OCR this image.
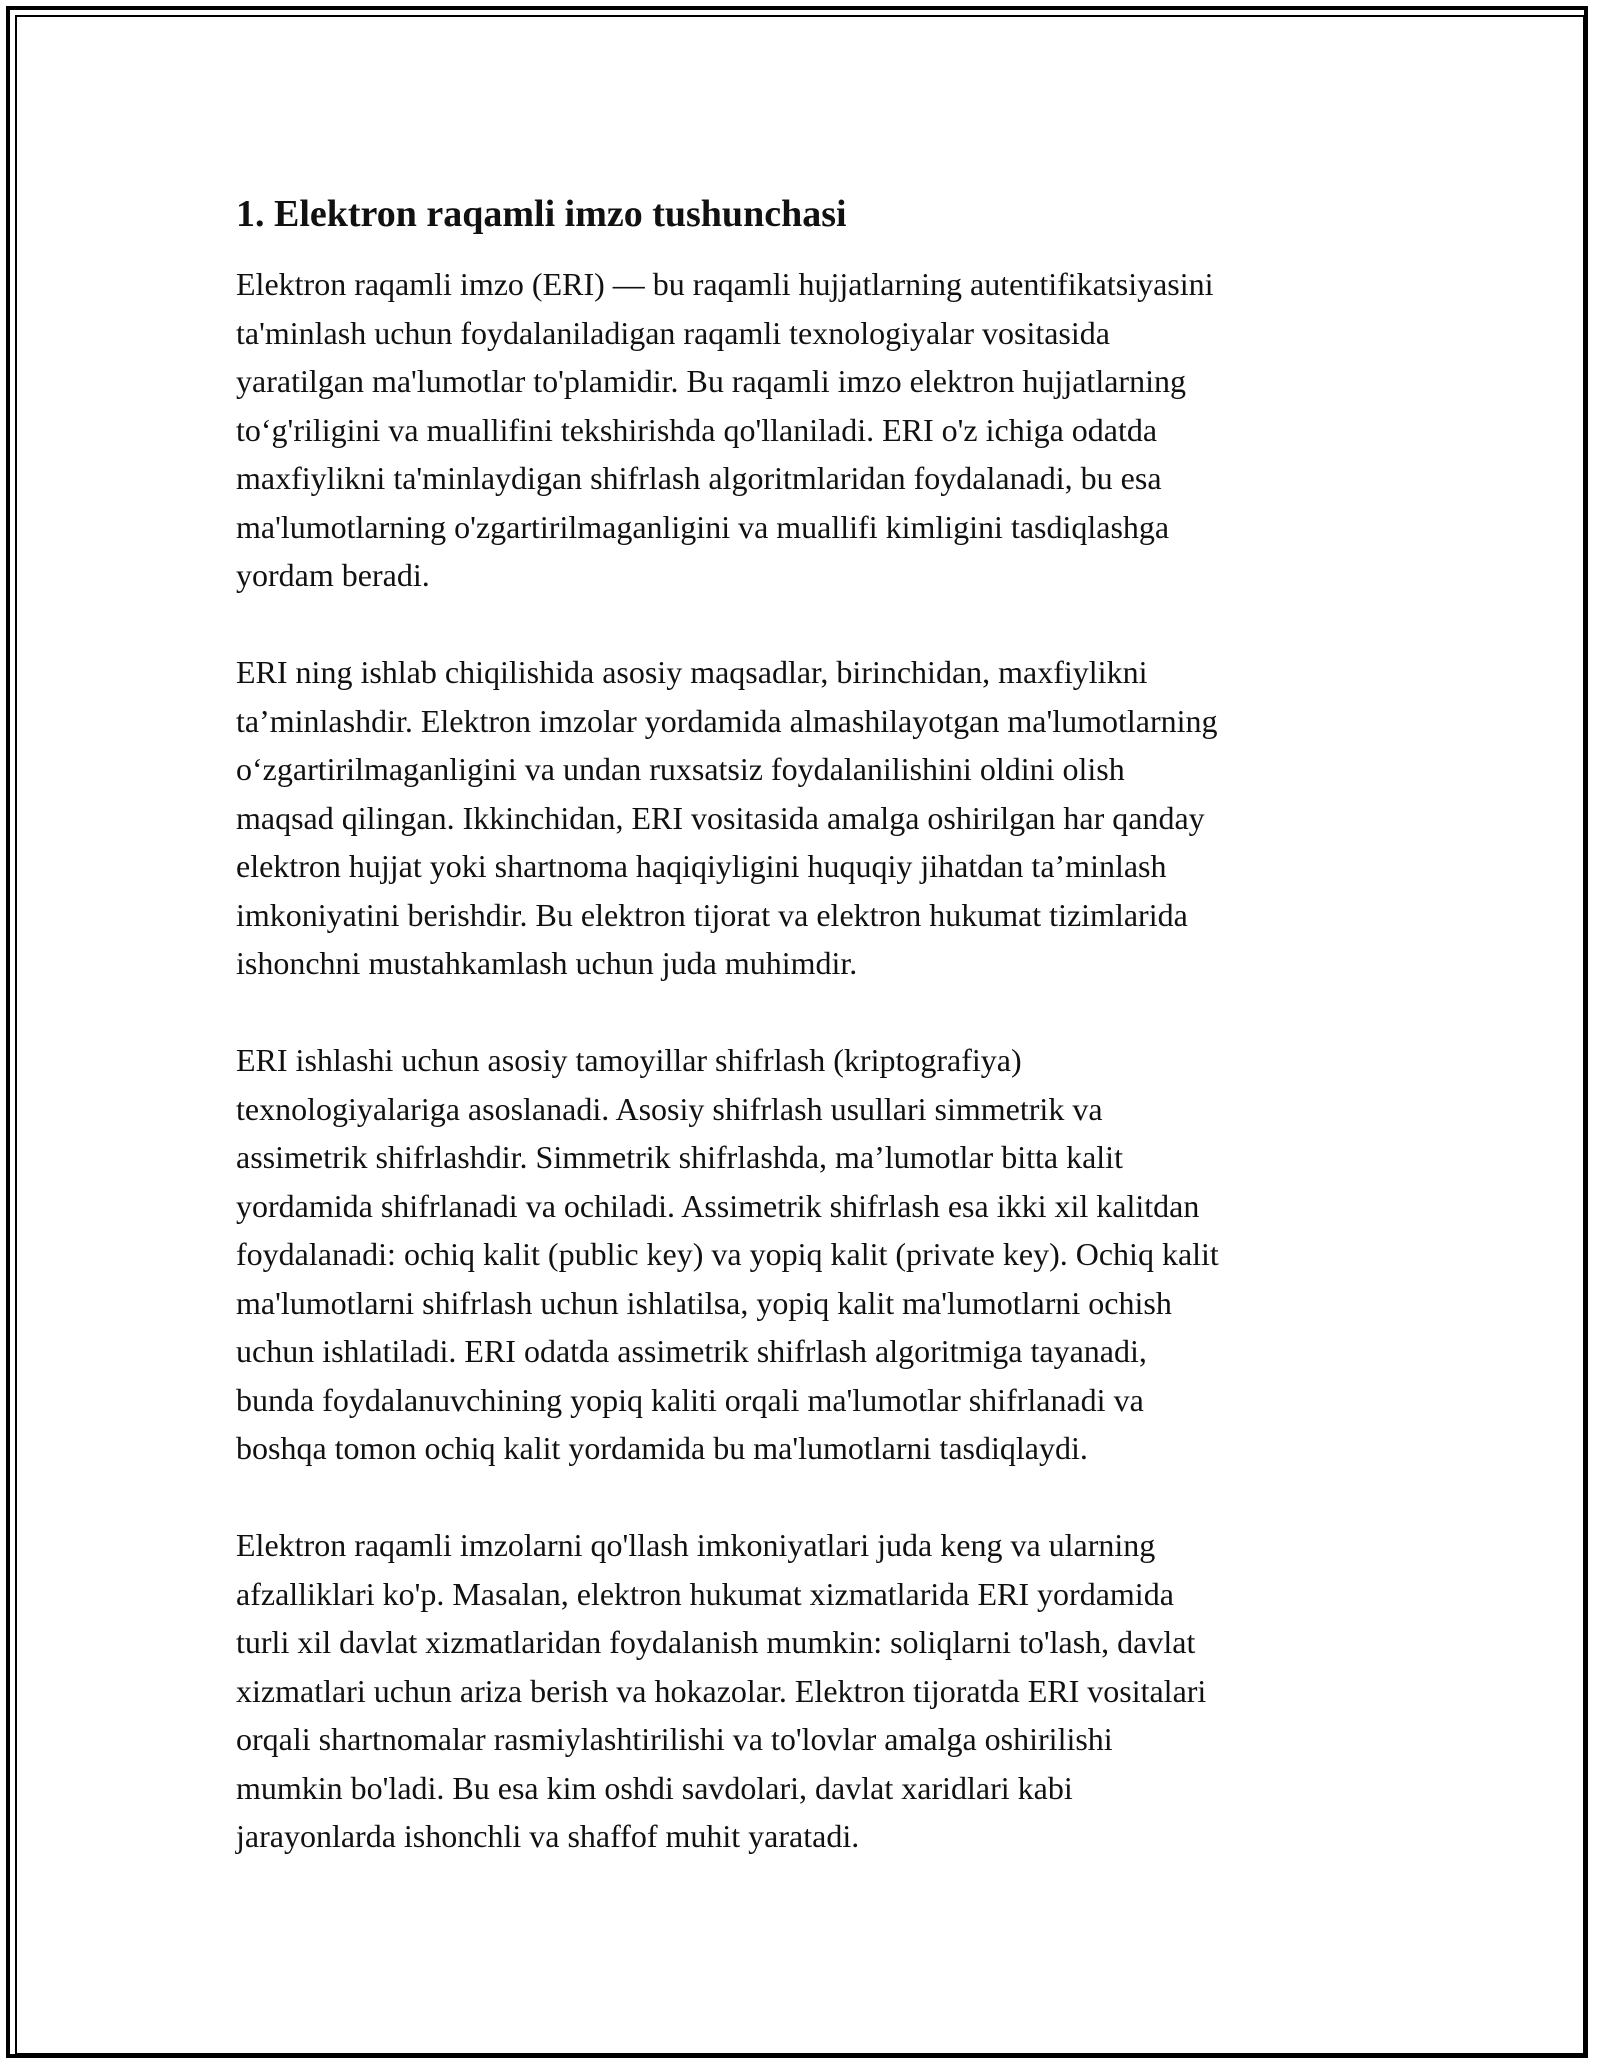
1. Elektron raqamli imzo tushunchasi

Elektron raqamli imzo (ERI) — bu raqamli hujjatlarning autentifikatsiyasini
ta'minlash uchun foydalaniladigan raqamli texnologiyalar vositasida
yaratilgan ma'lumotlar to'plamidir. Bu raqamli imzo elektron hujjatlarning
to‘g'riligini va muallifini tekshirishda qo'llaniladi. ERI o'z ichiga odatda
maxfiylikni ta'minlaydigan shifrlash algoritmlaridan foydalanadi, bu esa
ma'lumotlarning o'zgartirilmaganligini va muallifi kimligini tasdiqlashga
yordam beradi.

ERI ning ishlab chiqilishida asosiy maqsadlar, birinchidan, maxfiylikni
ta’minlashdir. Elektron imzolar yordamida almashilayotgan ma'lumotlarning
o‘zgartirilmaganligini va undan ruxsatsiz foydalanilishini oldini olish
maqsad qilingan. Ikkinchidan, ERI vositasida amalga oshirilgan har qanday
elektron hujjat yoki shartnoma haqiqiyligini huquqiy jihatdan ta’minlash
imkoniyatini berishdir. Bu elektron tijorat va elektron hukumat tizimlarida
ishonchni mustahkamlash uchun juda muhimdir.

ERI ishlashi uchun asosiy tamoyillar shifrlash (kriptografiya)
texnologiyalariga asoslanadi. Asosiy shifrlash usullari simmetrik va
assimetrik shifrlashdir. Simmetrik shifrlashda, ma’lumotlar bitta kalit
yordamida shifrlanadi va ochiladi. Assimetrik shifrlash esa ikki xil kalitdan
foydalanadi: ochiq kalit (public key) va yopiq kalit (private key). Ochiq kalit
ma'lumotlarni shifrlash uchun ishlatilsa, yopiq kalit ma'lumotlarni ochish
uchun ishlatiladi. ERI odatda assimetrik shifrlash algoritmiga tayanadi,
bunda foydalanuvchining yopiq kaliti orqali ma'lumotlar shifrlanadi va
boshqa tomon ochiq kalit yordamida bu ma'lumotlarni tasdiqlaydi.

Elektron raqamli imzolarni qo'llash imkoniyatlari juda keng va ularning
afzalliklari ko'p. Masalan, elektron hukumat xizmatlarida ERI yordamida
turli xil davlat xizmatlaridan foydalanish mumkin: soliqlarni to'lash, davlat
xizmatlari uchun ariza berish va hokazolar. Elektron tijoratda ERI vositalari
orqali shartnomalar rasmiylashtirilishi va to'lovlar amalga oshirilishi
mumkin bo'ladi. Bu esa kim oshdi savdolari, davlat xaridlari kabi
jarayonlarda ishonchli va shaffof muhit yaratadi.
